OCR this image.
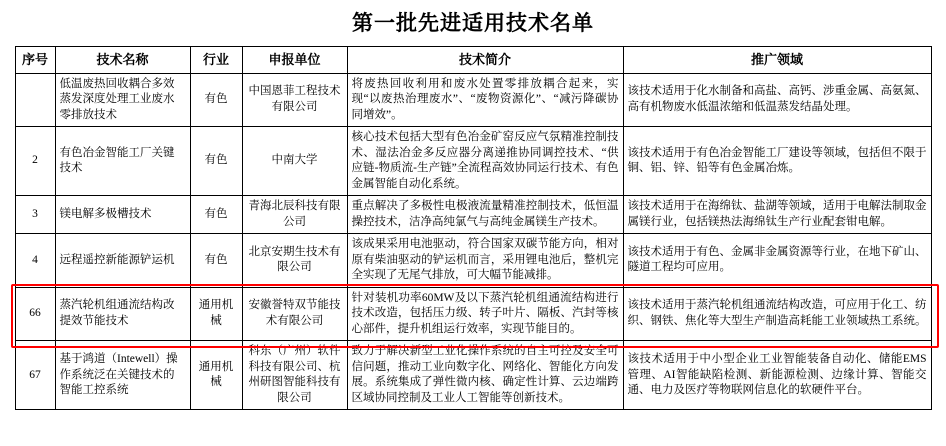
第一批先进适用技术名单
序号	技术名称	行业	申报单位	技术简介	推广领域
	低温废热回收耦合多效蒸发深度处理工业废水零排放技术	有色	中国恩菲工程技术有限公司	将废热回收利用和废水处置零排放耦合起来，实现“以废热治理废水”、“废物资源化”、“减污降碳协同增效”。	该技术适用于化水制备和高盐、高钙、涉重金属、高氨氮、高有机物废水低温浓缩和低温蒸发结晶处理。
2	有色冶金智能工厂关键技术	有色	中南大学	核心技术包括大型有色冶金矿窑反应气氛精准控制技术、湿法冶金多反应器分离递推协同调控技术、“供应链-物质流-生产链”全流程高效协同运行技术、有色金属智能自动化系统。	该技术适用于有色冶金智能工厂建设等领域，包括但不限于铜、铝、锌、铅等有色金属冶炼。
3	镁电解多极槽技术	有色	青海北辰科技有限公司	重点解决了多极性电极液流量精准控制技术，低恒温操控技术，洁净高纯氯气与高纯金属镁生产技术。	该技术适用于在海绵钛、盐湖等领域，适用于电解法制取金属镁行业，包括镁热法海绵钛生产行业配套钳电解。
4	远程遥控新能源铲运机	有色	北京安期生技术有限公司	该成果采用电池驱动，符合国家双碳节能方向，相对原有柴油驱动的铲运机而言，采用锂电池后，整机完全实现了无尾气排放，可大幅节能减排。	该技术适用于有色、金属非金属资源等行业，在地下矿山、隧道工程均可应用。
66	蒸汽轮机组通流结构改提效节能技术	通用机械	安徽誉特双节能技术有限公司	针对装机功率60MW及以下蒸汽轮机组通流结构进行技术改造，包括压力级、转子叶片、隔板、汽封等核心部件，提升机组运行效率，实现节能目的。	该技术适用于蒸汽轮机组通流结构改造，可应用于化工、纺织、钢铁、焦化等大型生产制造高耗能工业领域热工系统。
67	基于鸿道（Intewell）操作系统泛在关键技术的智能工控系统	通用机械	科东（广州）软件科技有限公司、杭州研图智能科技有限公司	致力于解决新型工业化操作系统的自主可控及安全可信问题，推动工业向数字化、网络化、智能化方向发展。系统集成了弹性微内核、确定性计算、云边端跨区域协同控制及工业人工智能等创新技术。	该技术适用于中小型企业工业智能装备自动化、储能EMS管理、AI智能缺陷检测、新能源检测、边缘计算、智能交通、电力及医疗等物联网信息化的软硬件平台。
